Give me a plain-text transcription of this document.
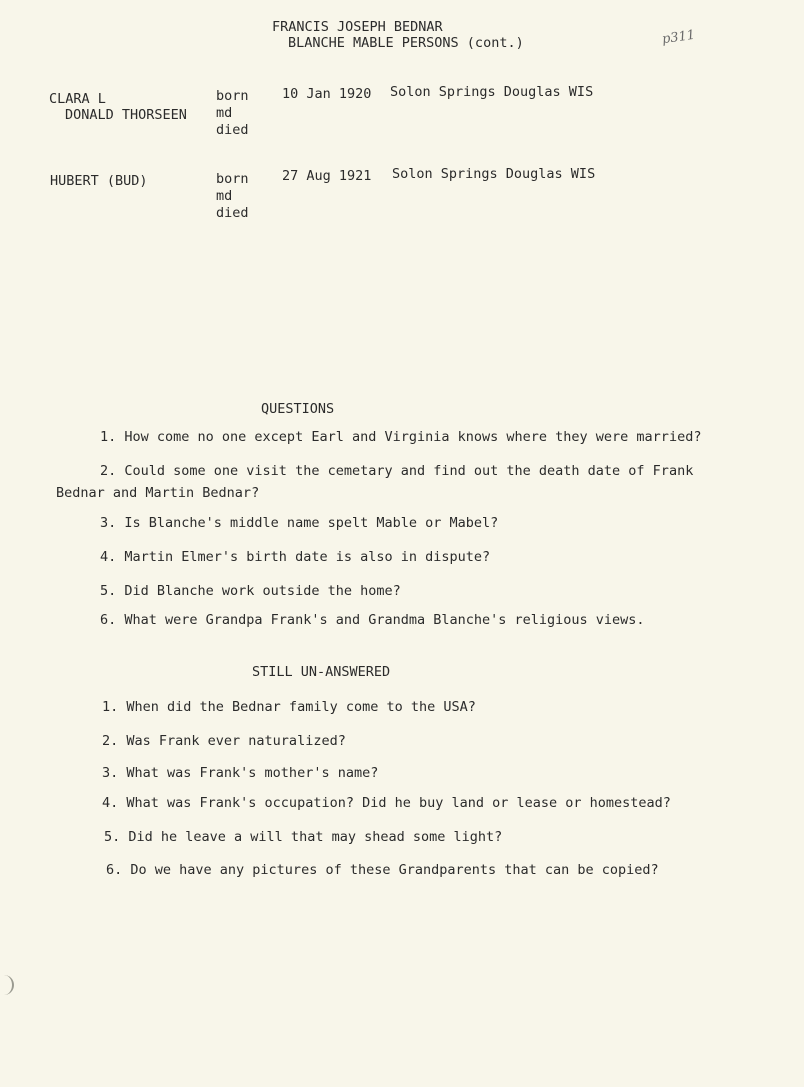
FRANCIS JOSEPH BEDNAR
BLANCHE MABLE PERSONS (cont.)	p311
CLARA L
DONALD THORSEEN
born
md
died
10 Jan 1920 Solon Springs Douglas WIS
HUBERT (BUD)	born
md
died
27 Aug 1921 Solon Springs Douglas WIS
QUESTIONS
1. How come no one except Earl and Virginia knows where they were married?
2. Could some one visit the cemetary and find out the death date of Frank
Bednar and Martin Bednar?
3. Is Blanche's middle name spelt Mable or Mabel?
4. Martin Elmer's birth date is also in dispute?
5. Did Blanche work outside the home?
6. What were Grandpa Frank's and Grandma Blanche's religious views.
STILL UN-ANSWERED
1. When did the Bednar family come to the USA?
2. Was Frank ever naturalized?
3. What was Frank's mother's name?
4. What was Frank's occupation? Did he buy land or lease or homestead?
5. Did he leave a will that may shead some light?
6. Do we have any pictures of these Grandparents that can be copied?
